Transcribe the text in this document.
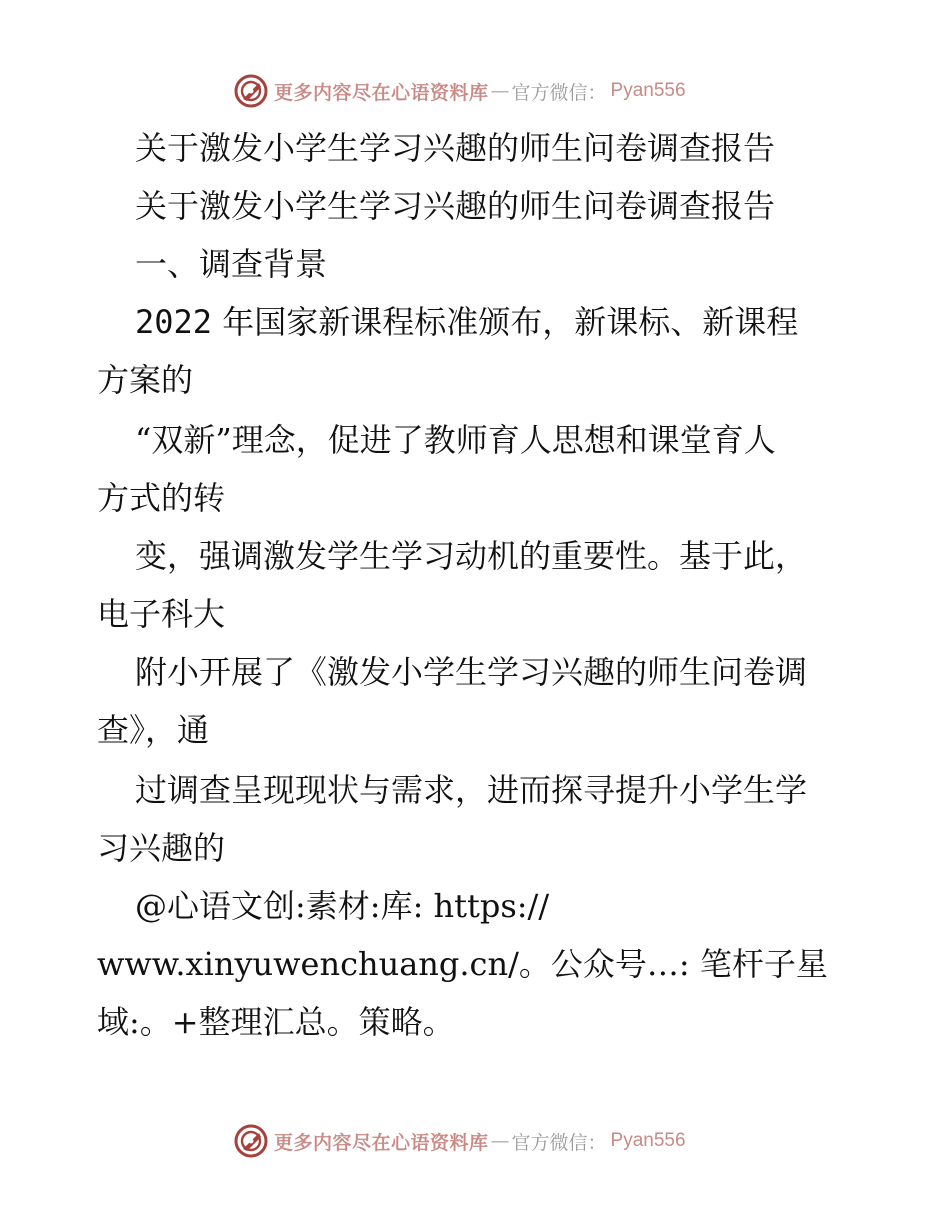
更多内容尽在心语资料库 — 官方微信 ： Pyan556
关于激发小学生学习兴趣的师生问卷调查报告
关于激发小学生学习兴趣的师生问卷调查报告
一、调查背景
2022 年国家新课程标准颁布，新课标、新课程
方案的
“双新”理念，促进了教师育人思想和课堂育人
方式的转
变，强调激发学生学习动机的重要性。基于此，
电子科大
附小开展了《激发小学生学习兴趣的师生问卷调
查》，通
过调查呈现现状与需求，进而探寻提升小学生学
习兴趣的
@心语文创:素材:库: https://
www.xinyuwenchuang.cn/。公众号…: 笔杆子星
域:。+整理汇总。策略。
更多内容尽在心语资料库 — 官方微信 ： Pyan556
